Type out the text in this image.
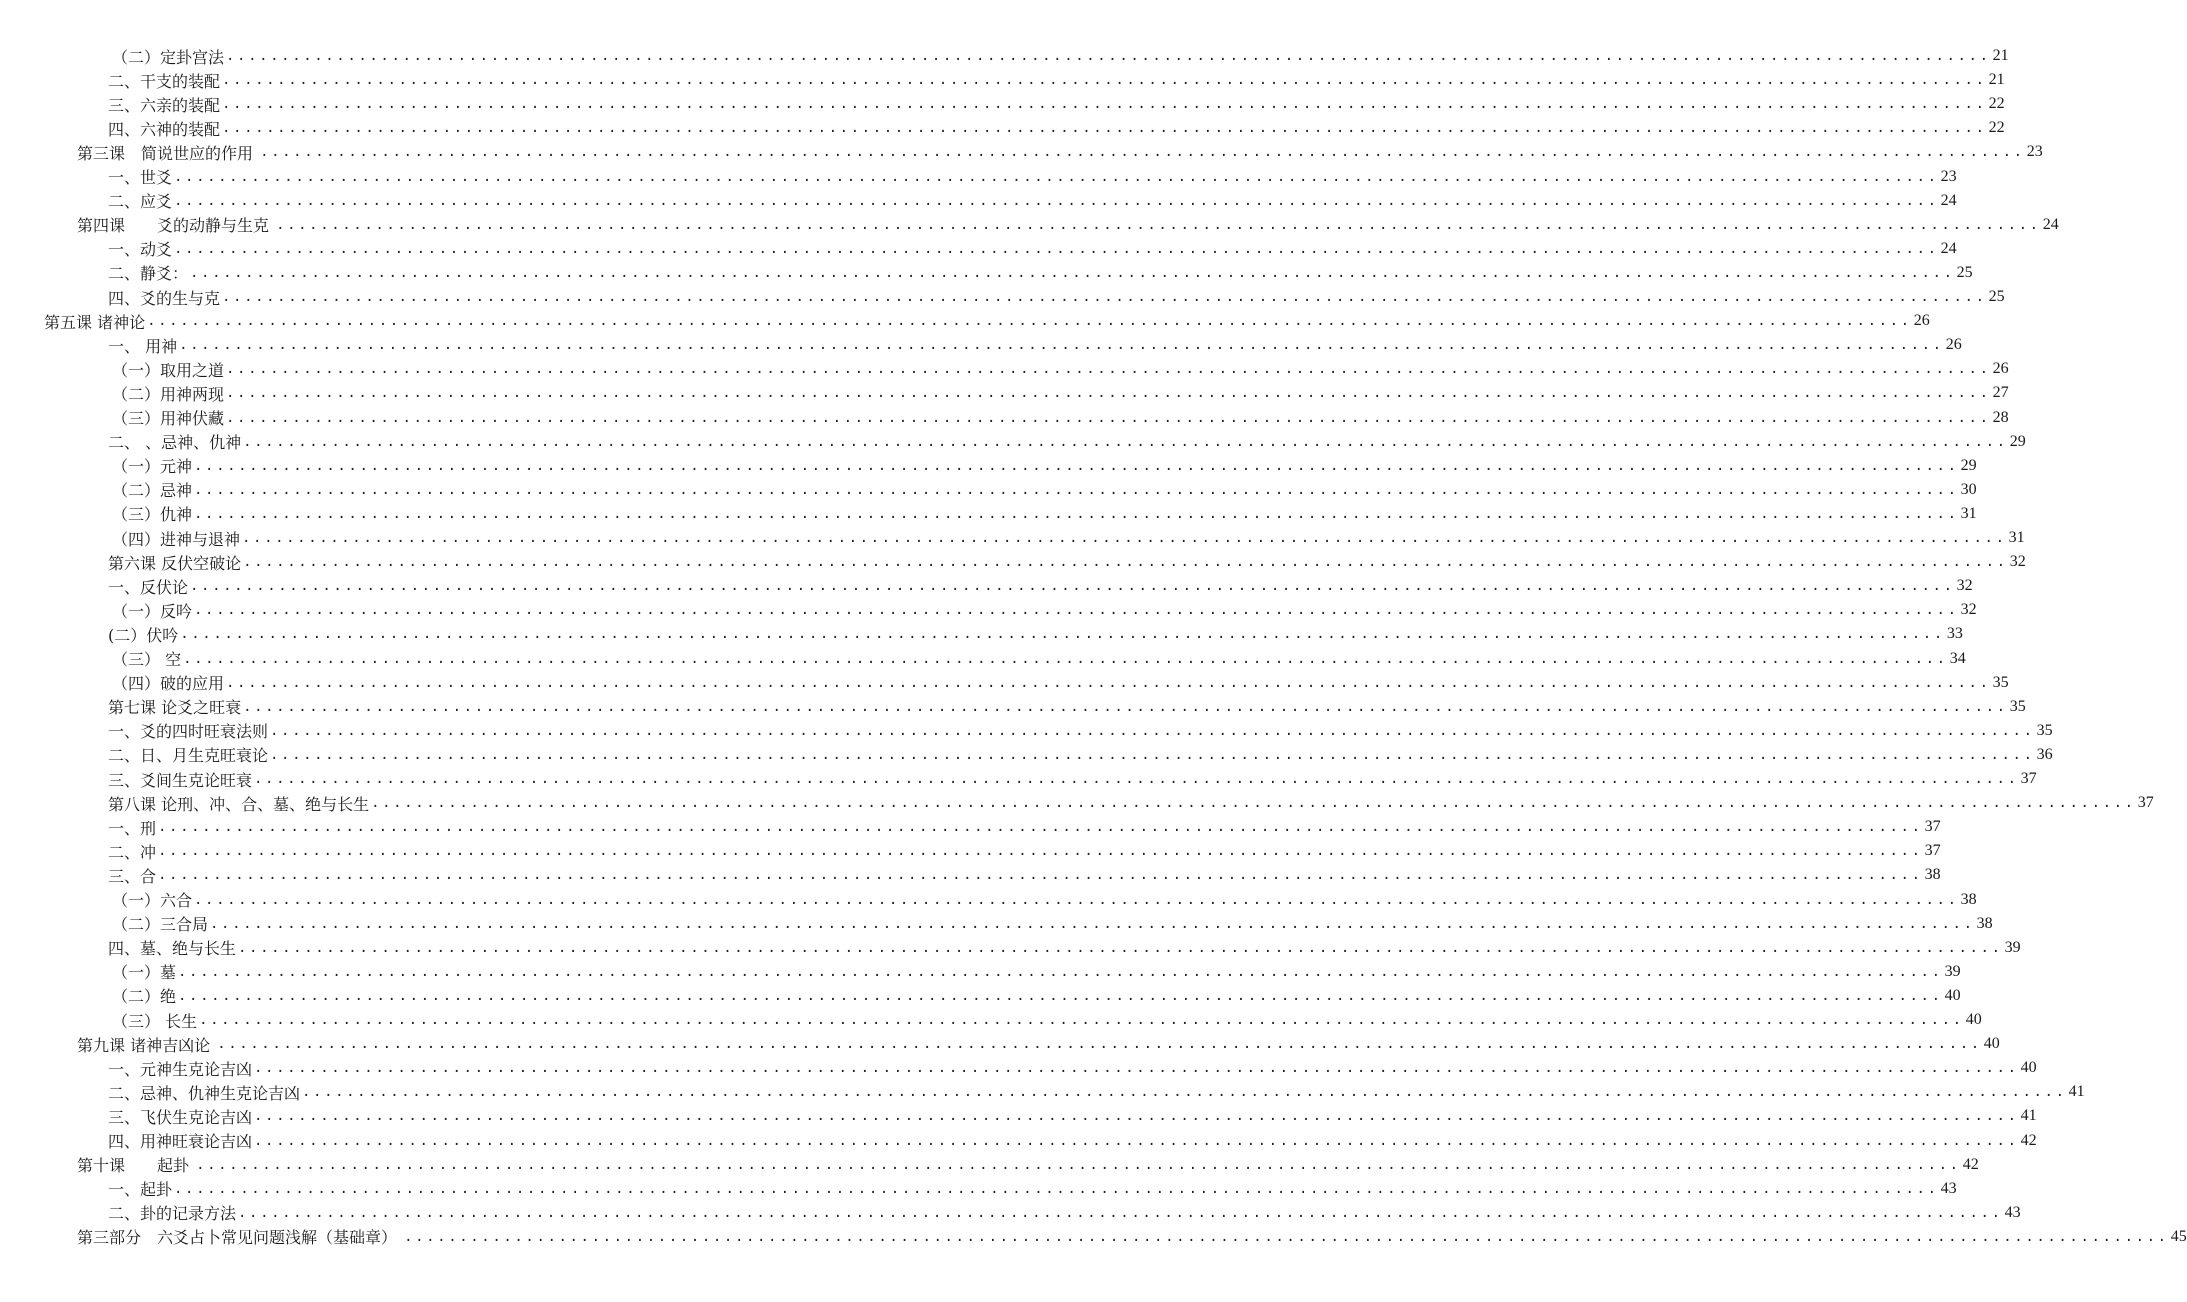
（二）定卦宫法 ................................................................................................................................................................ 21
二、干支的装配 ................................................................................................................................................................ 21
三、六亲的装配 ................................................................................................................................................................ 22
四、六神的装配 ................................................................................................................................................................ 22
第三课　简说世应的作用 ................................................................................................................................................................ 23
一、世爻 ................................................................................................................................................................ 23
二、应爻 ................................................................................................................................................................ 24
第四课　　爻的动静与生克 ................................................................................................................................................................ 24
一、动爻 ................................................................................................................................................................ 24
二、静爻： ................................................................................................................................................................ 25
四、爻的生与克 ................................................................................................................................................................ 25
第五课 诸神论 ................................................................................................................................................................ 26
一、 用神 ................................................................................................................................................................ 26
（一）取用之道 ................................................................................................................................................................ 26
（二）用神两现 ................................................................................................................................................................ 27
（三）用神伏藏 ................................................................................................................................................................ 28
二、 、忌神、仇神 ................................................................................................................................................................ 29
（一）元神 ................................................................................................................................................................ 29
（二）忌神 ................................................................................................................................................................ 30
（三）仇神 ................................................................................................................................................................ 31
（四）进神与退神 ................................................................................................................................................................ 31
第六课 反伏空破论 ................................................................................................................................................................ 32
一、反伏论 ................................................................................................................................................................ 32
（一）反吟 ................................................................................................................................................................ 32
(二）伏吟 ................................................................................................................................................................ 33
（三） 空 ................................................................................................................................................................ 34
（四）破的应用 ................................................................................................................................................................ 35
第七课 论爻之旺衰 ................................................................................................................................................................ 35
一、爻的四时旺衰法则 ................................................................................................................................................................ 35
二、日、月生克旺衰论 ................................................................................................................................................................ 36
三、爻间生克论旺衰 ................................................................................................................................................................ 37
第八课 论刑、冲、合、墓、绝与长生 ................................................................................................................................................................ 37
一、刑 ................................................................................................................................................................ 37
二、冲 ................................................................................................................................................................ 37
三、合 ................................................................................................................................................................ 38
（一）六合 ................................................................................................................................................................ 38
（二）三合局 ................................................................................................................................................................ 38
四、墓、绝与长生 ................................................................................................................................................................ 39
（一）墓 ................................................................................................................................................................ 39
（二）绝 ................................................................................................................................................................ 40
（三） 长生 ................................................................................................................................................................ 40
第九课 诸神吉凶论 ................................................................................................................................................................ 40
一、元神生克论吉凶 ................................................................................................................................................................ 40
二、忌神、仇神生克论吉凶 ................................................................................................................................................................ 41
三、飞伏生克论吉凶 ................................................................................................................................................................ 41
四、用神旺衰论吉凶 ................................................................................................................................................................ 42
第十课　　起卦 ................................................................................................................................................................ 42
一、起卦 ................................................................................................................................................................ 43
二、卦的记录方法 ................................................................................................................................................................ 43
第三部分　六爻占卜常见问题浅解（基础章） ................................................................................................................................................................ 45
